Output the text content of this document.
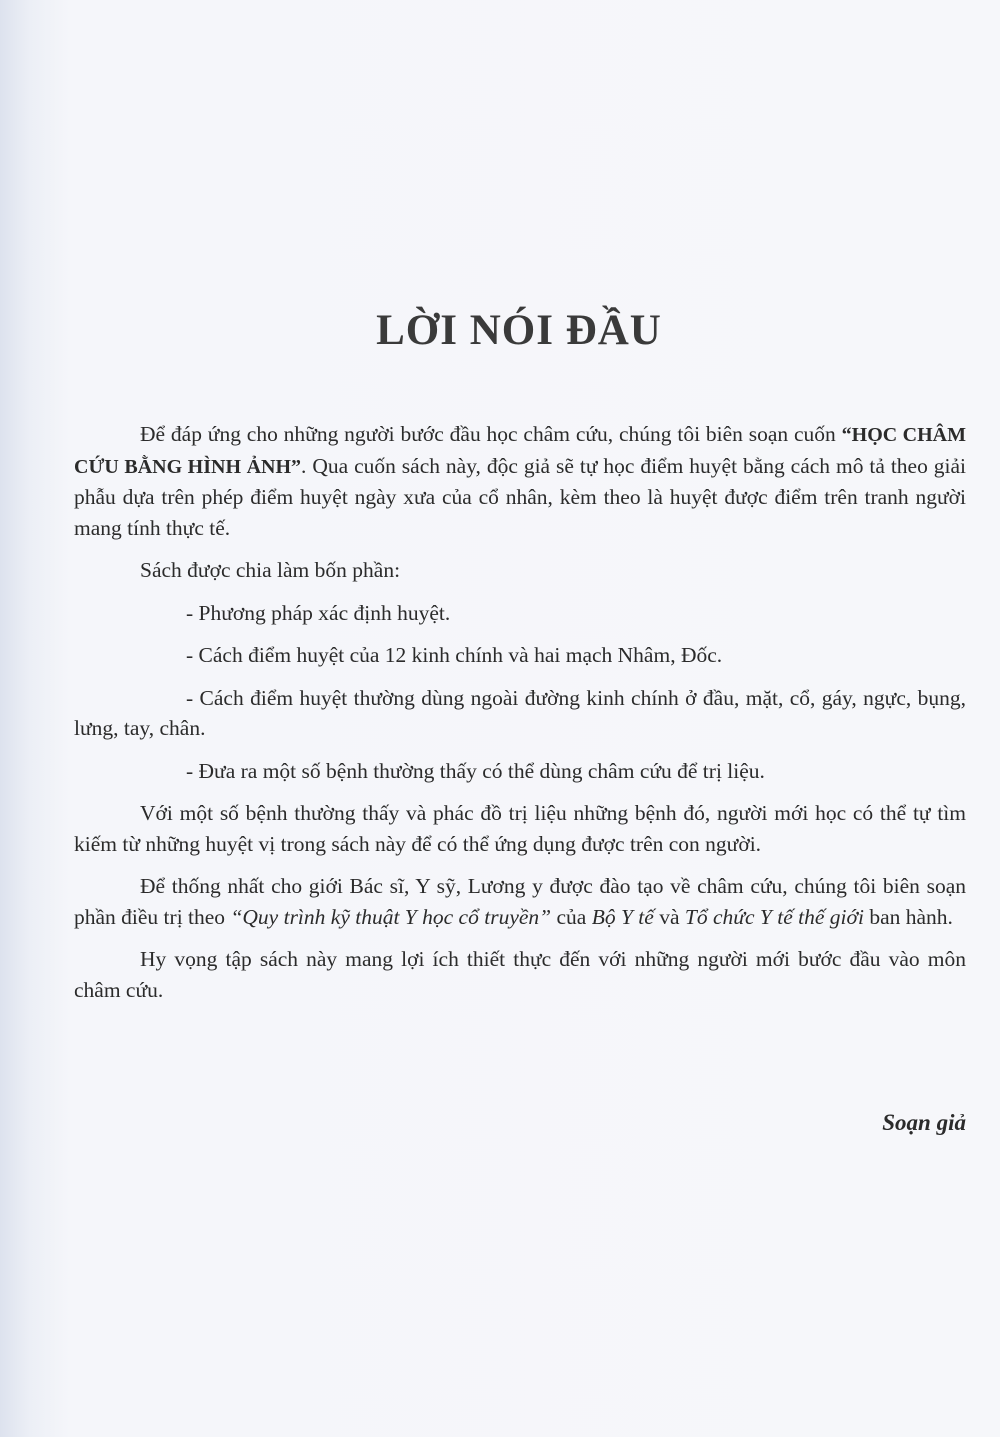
LỜI NÓI ĐẦU

Để đáp ứng cho những người bước đầu học châm cứu, chúng tôi biên soạn cuốn “HỌC CHÂM CỨU BẰNG HÌNH ẢNH”. Qua cuốn sách này, độc giả sẽ tự học điểm huyệt bằng cách mô tả theo giải phẫu dựa trên phép điểm huyệt ngày xưa của cổ nhân, kèm theo là huyệt được điểm trên tranh người mang tính thực tế.

Sách được chia làm bốn phần:

- Phương pháp xác định huyệt.

- Cách điểm huyệt của 12 kinh chính và hai mạch Nhâm, Đốc.

- Cách điểm huyệt thường dùng ngoài đường kinh chính ở đầu, mặt, cổ, gáy, ngực, bụng, lưng, tay, chân.

- Đưa ra một số bệnh thường thấy có thể dùng châm cứu để trị liệu.

Với một số bệnh thường thấy và phác đồ trị liệu những bệnh đó, người mới học có thể tự tìm kiếm từ những huyệt vị trong sách này để có thể ứng dụng được trên con người.

Để thống nhất cho giới Bác sĩ, Y sỹ, Lương y được đào tạo về châm cứu, chúng tôi biên soạn phần điều trị theo “Quy trình kỹ thuật Y học cổ truyền” của Bộ Y tế và Tổ chức Y tế thế giới ban hành.

Hy vọng tập sách này mang lợi ích thiết thực đến với những người mới bước đầu vào môn châm cứu.

Soạn giả
